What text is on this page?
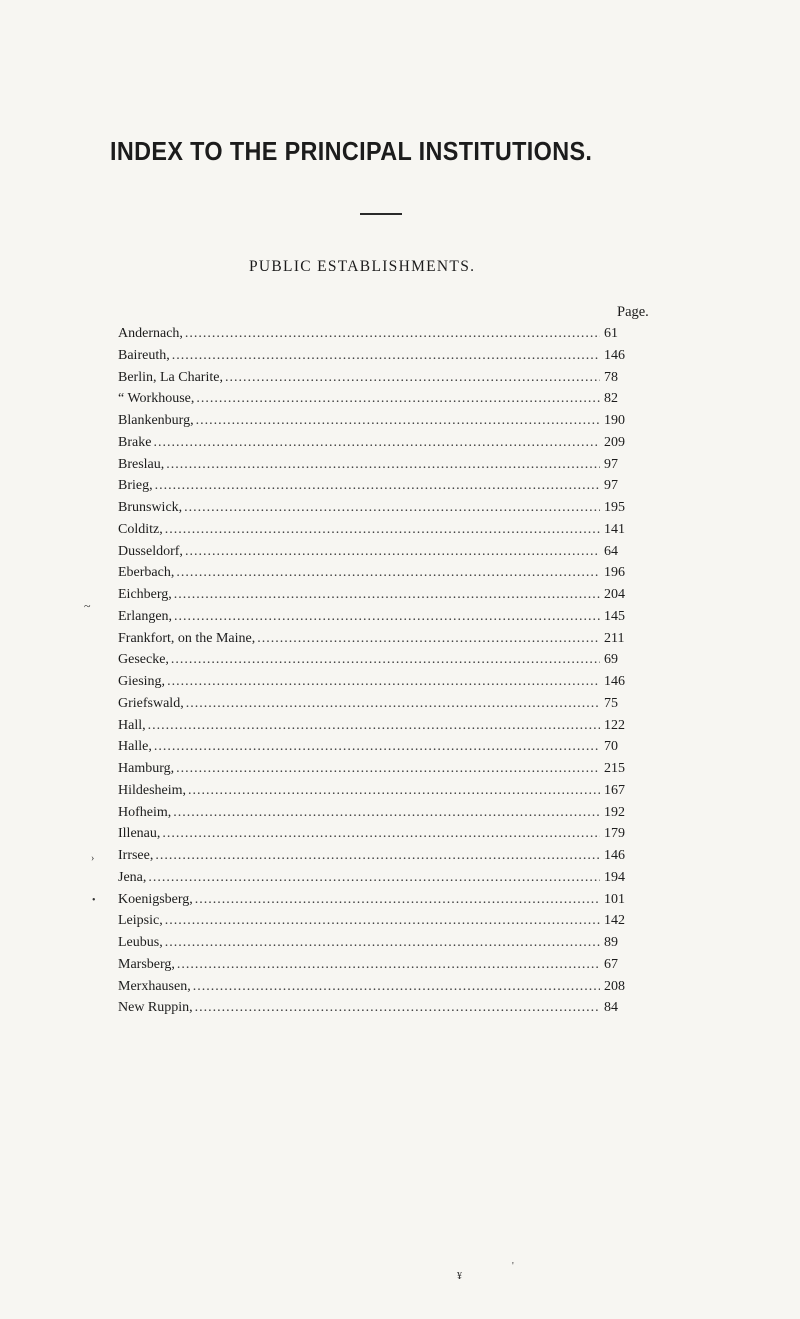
INDEX TO THE PRINCIPAL INSTITUTIONS.
PUBLIC ESTABLISHMENTS.
Page.
Andernach, .....	61
Baireuth, .....	146
Berlin, La Charite, .....	78
“ Workhouse, .....	82
Blankenburg, .....	190
Brake .....	209
Breslau, .....	97
Brieg, .....	97
Brunswick, .....	195
Colditz, .....	141
Dusseldorf, .....	64
Eberbach, .....	196
Eichberg, .....	204
Erlangen, .....	145
Frankfort, on the Maine, .....	211
Gesecke, .....	69
Giesing, .....	146
Griefswald, .....	75
Hall, .....	122
Halle, .....	70
Hamburg, .....	215
Hildesheim, .....	167
Hofheim, .....	192
Illenau, .....	179
Irrsee, .....	146
Jena, .....	194
Koenigsberg, .....	101
Leipsic, .....	142
Leubus, .....	89
Marsberg, .....	67
Merxhausen, .....	208
New Ruppin, .....	84
~
›
•
¥
'
